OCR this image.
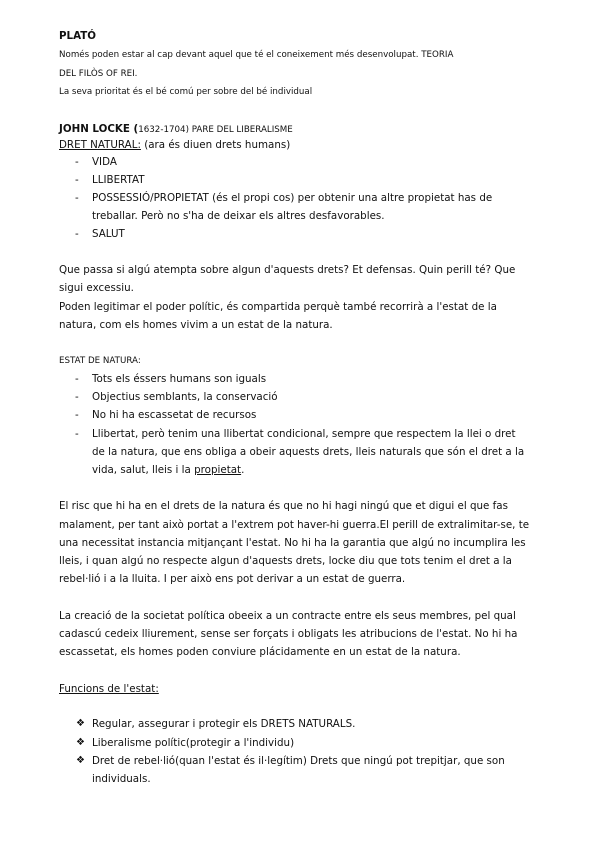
PLATÓ
Només poden estar al cap devant aquel que té el coneixement més desenvolupat. TEORIA
DEL FILÒS OF REI.
La seva prioritat és el bé comú per sobre del bé individual
JOHN LOCKE (1632-1704) PARE DEL LIBERALISME
DRET NATURAL: (ara és diuen drets humans)
- VIDA
- LLIBERTAT
- POSSESSIÓ/PROPIETAT (és el propi cos) per obtenir una altre propietat has de
treballar. Però no s'ha de deixar els altres desfavorables.
- SALUT
Que passa si algú atempta sobre algun d'aquests drets? Et defensas. Quin perill té? Que
sigui excessiu.
Poden legitimar el poder polític, és compartida perquè també recorrirà a l'estat de la
natura, com els homes vivim a un estat de la natura.
ESTAT DE NATURA:
- Tots els éssers humans son iguals
- Objectius semblants, la conservació
- No hi ha escassetat de recursos
- Llibertat, però tenim una llibertat condicional, sempre que respectem la llei o dret
de la natura, que ens obliga a obeir aquests drets, lleis naturals que són el dret a la
vida, salut, lleis i la propietat.
El risc que hi ha en el drets de la natura és que no hi hagi ningú que et digui el que fas
malament, per tant això portat a l'extrem pot haver-hi guerra.El perill de extralimitar-se, te
una necessitat instancia mitjançant l'estat. No hi ha la garantia que algú no incumplira les
lleis, i quan algú no respecte algun d'aquests drets, locke diu que tots tenim el dret a la
rebel·lió i a la lluita. I per això ens pot derivar a un estat de guerra.
La creació de la societat política obeeix a un contracte entre els seus membres, pel qual
cadascú cedeix lliurement, sense ser forçats i obligats les atribucions de l'estat. No hi ha
escassetat, els homes poden conviure plácidamente en un estat de la natura.
Funcions de l'estat:
❖ Regular, assegurar i protegir els DRETS NATURALS.
❖ Liberalisme polític(protegir a l'individu)
❖ Dret de rebel·lió(quan l'estat és il·legítim) Drets que ningú pot trepitjar, que son
individuals.
